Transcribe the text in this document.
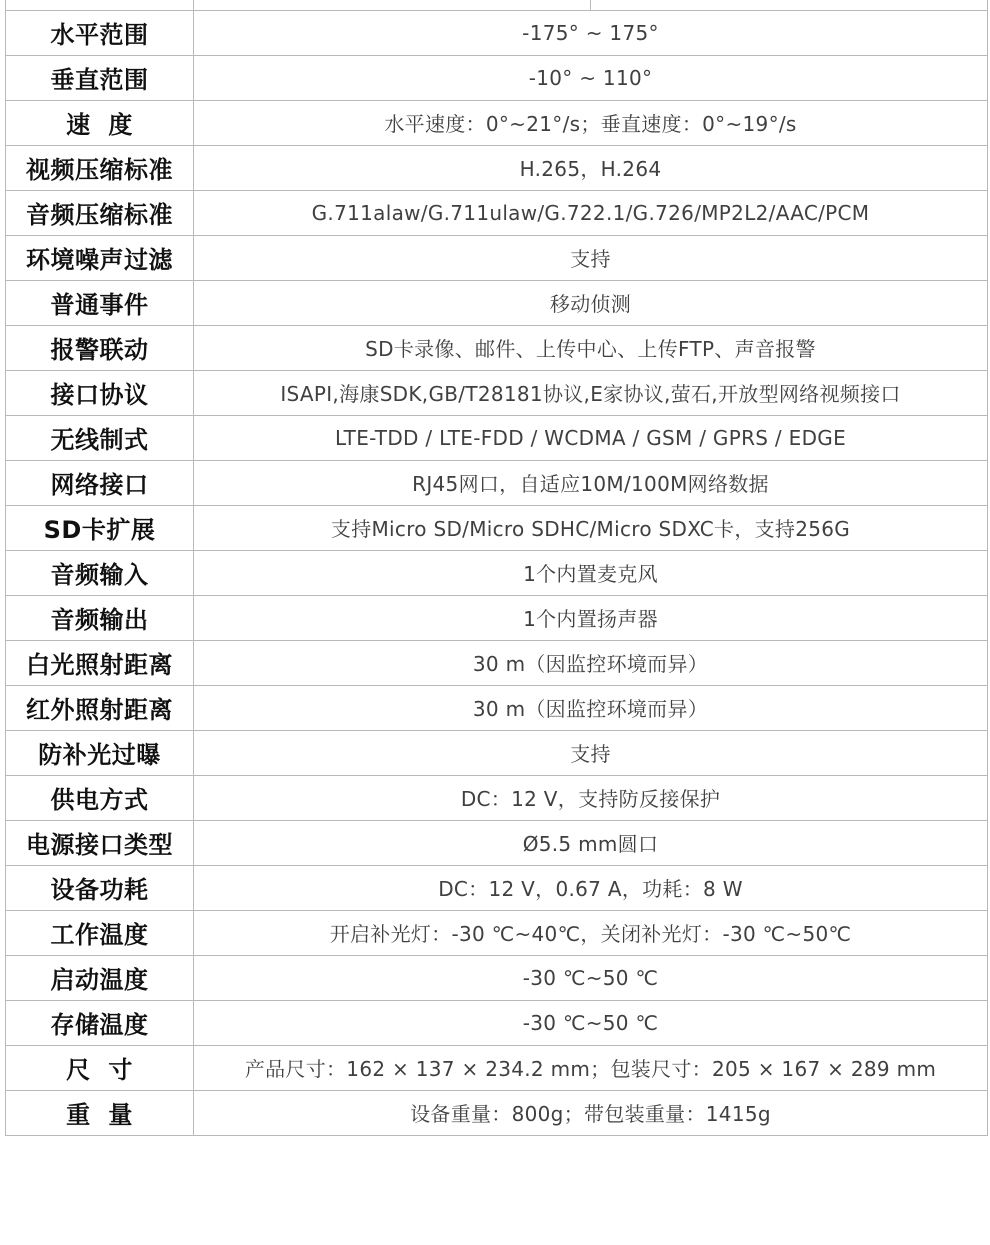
水平范围	-175° ~ 175°
垂直范围	-10° ~ 110°
速  度	水平速度：0°~21°/s；垂直速度：0°~19°/s
视频压缩标准	H.265，H.264
音频压缩标准	G.711alaw/G.711ulaw/G.722.1/G.726/MP2L2/AAC/PCM
环境噪声过滤	支持
普通事件	移动侦测
报警联动	SD卡录像、邮件、上传中心、上传FTP、声音报警
接口协议	ISAPI,海康SDK,GB/T28181协议,E家协议,萤石,开放型网络视频接口
无线制式	LTE-TDD / LTE-FDD / WCDMA / GSM / GPRS / EDGE
网络接口	RJ45网口，自适应10M/100M网络数据
SD卡扩展	支持Micro SD/Micro SDHC/Micro SDXC卡，支持256G
音频输入	1个内置麦克风
音频输出	1个内置扬声器
白光照射距离	30 m（因监控环境而异）
红外照射距离	30 m（因监控环境而异）
防补光过曝	支持
供电方式	DC：12 V，支持防反接保护
电源接口类型	Ø5.5 mm圆口
设备功耗	DC：12 V，0.67 A，功耗：8 W
工作温度	开启补光灯：-30 ℃~40℃，关闭补光灯：-30 ℃~50℃
启动温度	-30 ℃~50 ℃
存储温度	-30 ℃~50 ℃
尺  寸	产品尺寸：162 × 137 × 234.2 mm；包装尺寸：205 × 167 × 289 mm
重  量	设备重量：800g；带包装重量：1415g
